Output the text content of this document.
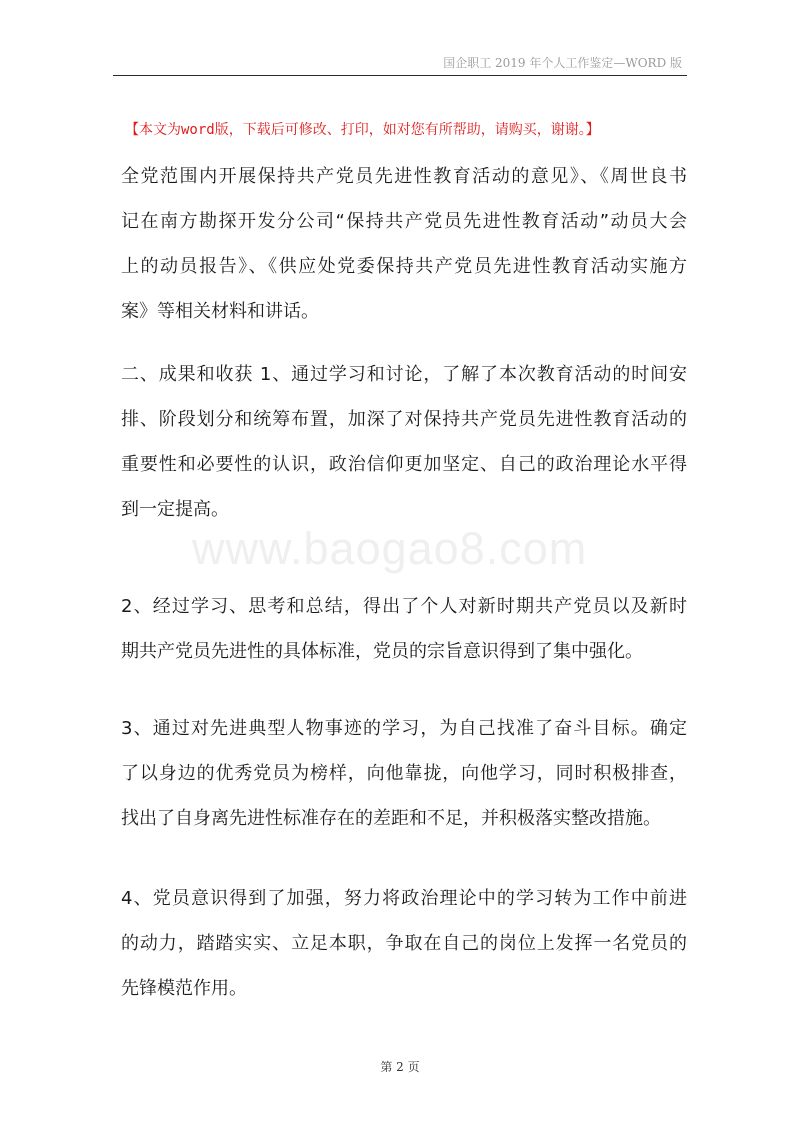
国企职工 2019 年个人工作鉴定—WORD 版
【本文为word版，下载后可修改、打印，如对您有所帮助，请购买，谢谢。】

全党范围内开展保持共产党员先进性教育活动的意见》、《周世良书
记在南方勘探开发分公司“保持共产党员先进性教育活动”动员大会
上的动员报告》、《供应处党委保持共产党员先进性教育活动实施方
案》等相关材料和讲话。

二、成果和收获 1、通过学习和讨论，了解了本次教育活动的时间安
排、阶段划分和统筹布置，加深了对保持共产党员先进性教育活动的
重要性和必要性的认识，政治信仰更加坚定、自己的政治理论水平得
到一定提高。

2、经过学习、思考和总结，得出了个人对新时期共产党员以及新时
期共产党员先进性的具体标准，党员的宗旨意识得到了集中强化。

3、通过对先进典型人物事迹的学习，为自己找准了奋斗目标。确定
了以身边的优秀党员为榜样，向他靠拢，向他学习，同时积极排查，
找出了自身离先进性标准存在的差距和不足，并积极落实整改措施。

4、党员意识得到了加强，努力将政治理论中的学习转为工作中前进
的动力，踏踏实实、立足本职，争取在自己的岗位上发挥一名党员的
先锋模范作用。

www.baogao8.com
第 2 页
